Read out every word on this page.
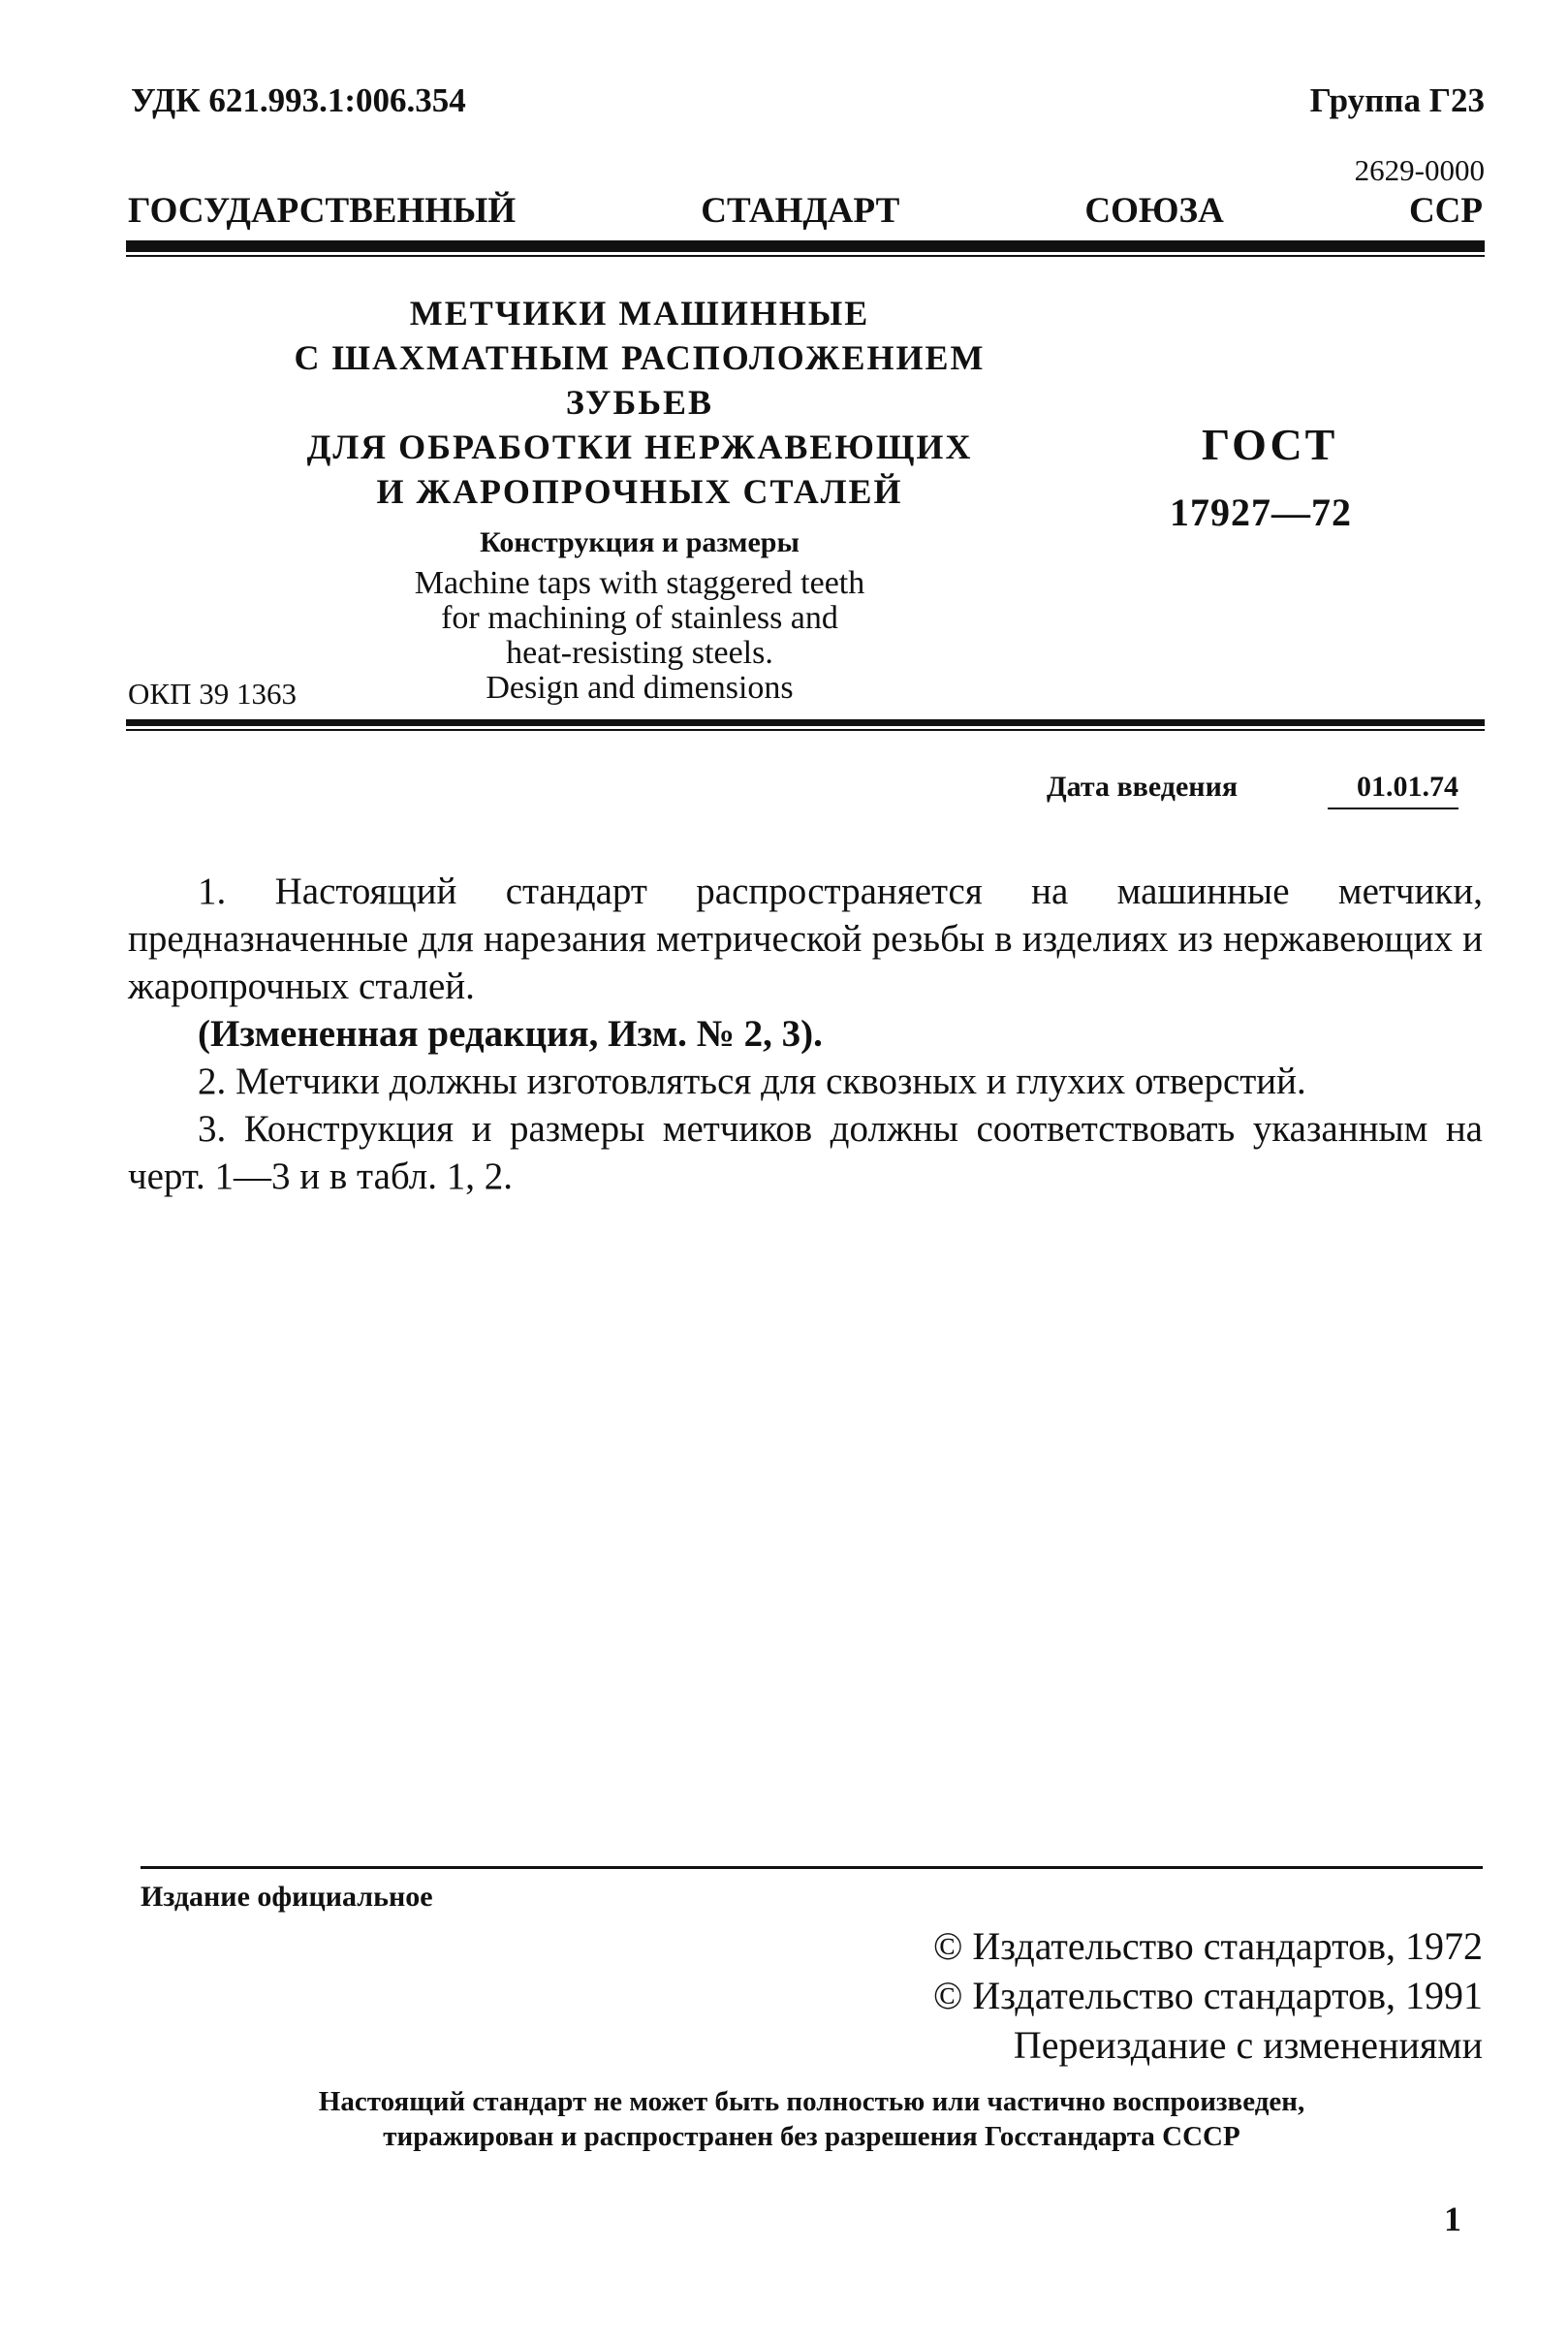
УДК 621.993.1:006.354	Группа Г23
2629-0000
ГОСУДАРСТВЕННЫЙ СТАНДАРТ СОЮЗА ССР
МЕТЧИКИ МАШИННЫЕ
С ШАХМАТНЫМ РАСПОЛОЖЕНИЕМ ЗУБЬЕВ
ДЛЯ ОБРАБОТКИ НЕРЖАВЕЮЩИХ
И ЖАРОПРОЧНЫХ СТАЛЕЙ
Конструкция и размеры
Machine taps with staggered teeth
for machining of stainless and
heat-resisting steels.
Design and dimensions
ГОСТ
17927—72
ОКП 39 1363
Дата введения	01.01.74

1. Настоящий стандарт распространяется на машинные метчики, предназначенные для нарезания метрической резьбы в изделиях из нержавеющих и жаропрочных сталей.

(Измененная редакция, Изм. № 2, 3).

2. Метчики должны изготовляться для сквозных и глухих отверстий.

3. Конструкция и размеры метчиков должны соответствовать указанным на черт. 1—3 и в табл. 1, 2.

Издание официальное
© Издательство стандартов, 1972
© Издательство стандартов, 1991
Переиздание с изменениями
Настоящий стандарт не может быть полностью или частично воспроизведен,
тиражирован и распространен без разрешения Госстандарта СССР
1
